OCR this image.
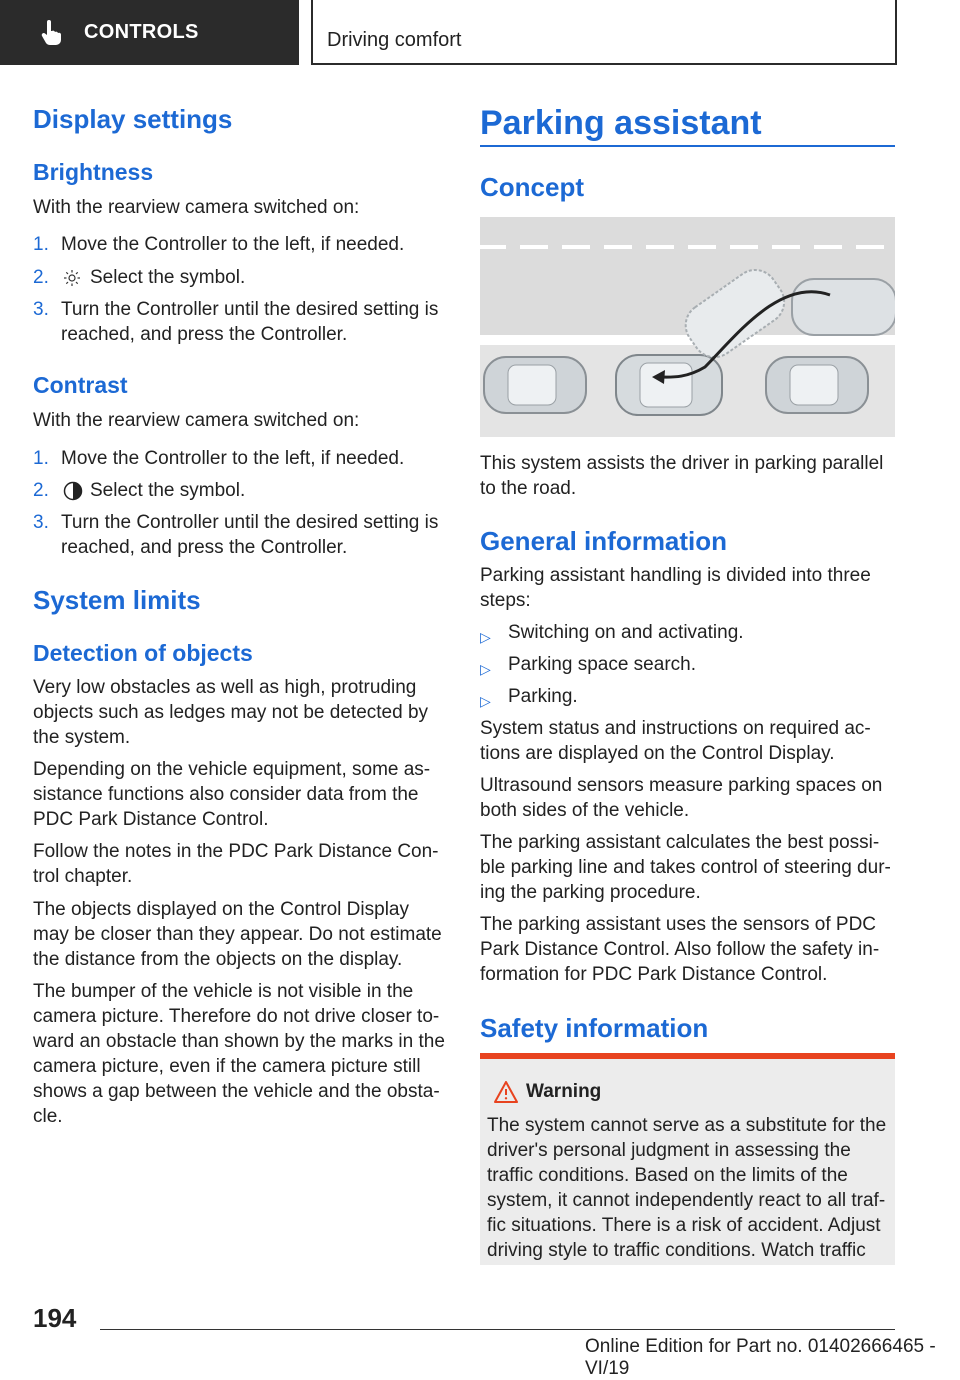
CONTROLS	Driving comfort
Display settings
Brightness
With the rearview camera switched on:
1. Move the Controller to the left, if needed.
2. Select the symbol.
3. Turn the Controller until the desired setting is
reached, and press the Controller.
Contrast
With the rearview camera switched on:
1. Move the Controller to the left, if needed.
2. Select the symbol.
3. Turn the Controller until the desired setting is
reached, and press the Controller.
System limits
Detection of objects
Very low obstacles as well as high, protruding
objects such as ledges may not be detected by
the system.
Depending on the vehicle equipment, some as-
sistance functions also consider data from the
PDC Park Distance Control.
Follow the notes in the PDC Park Distance Con-
trol chapter.
The objects displayed on the Control Display
may be closer than they appear. Do not estimate
the distance from the objects on the display.
The bumper of the vehicle is not visible in the
camera picture. Therefore do not drive closer to-
ward an obstacle than shown by the marks in the
camera picture, even if the camera picture still
shows a gap between the vehicle and the obsta-
cle.
Parking assistant
Concept
This system assists the driver in parking parallel
to the road.
General information
Parking assistant handling is divided into three
steps:
▷ Switching on and activating.
▷ Parking space search.
▷ Parking.
System status and instructions on required ac-
tions are displayed on the Control Display.
Ultrasound sensors measure parking spaces on
both sides of the vehicle.
The parking assistant calculates the best possi-
ble parking line and takes control of steering dur-
ing the parking procedure.
The parking assistant uses the sensors of PDC
Park Distance Control. Also follow the safety in-
formation for PDC Park Distance Control.
Safety information
Warning
The system cannot serve as a substitute for the
driver's personal judgment in assessing the
traffic conditions. Based on the limits of the
system, it cannot independently react to all traf-
fic situations. There is a risk of accident. Adjust
driving style to traffic conditions. Watch traffic
194
Online Edition for Part no. 01402666465 - VI/19
